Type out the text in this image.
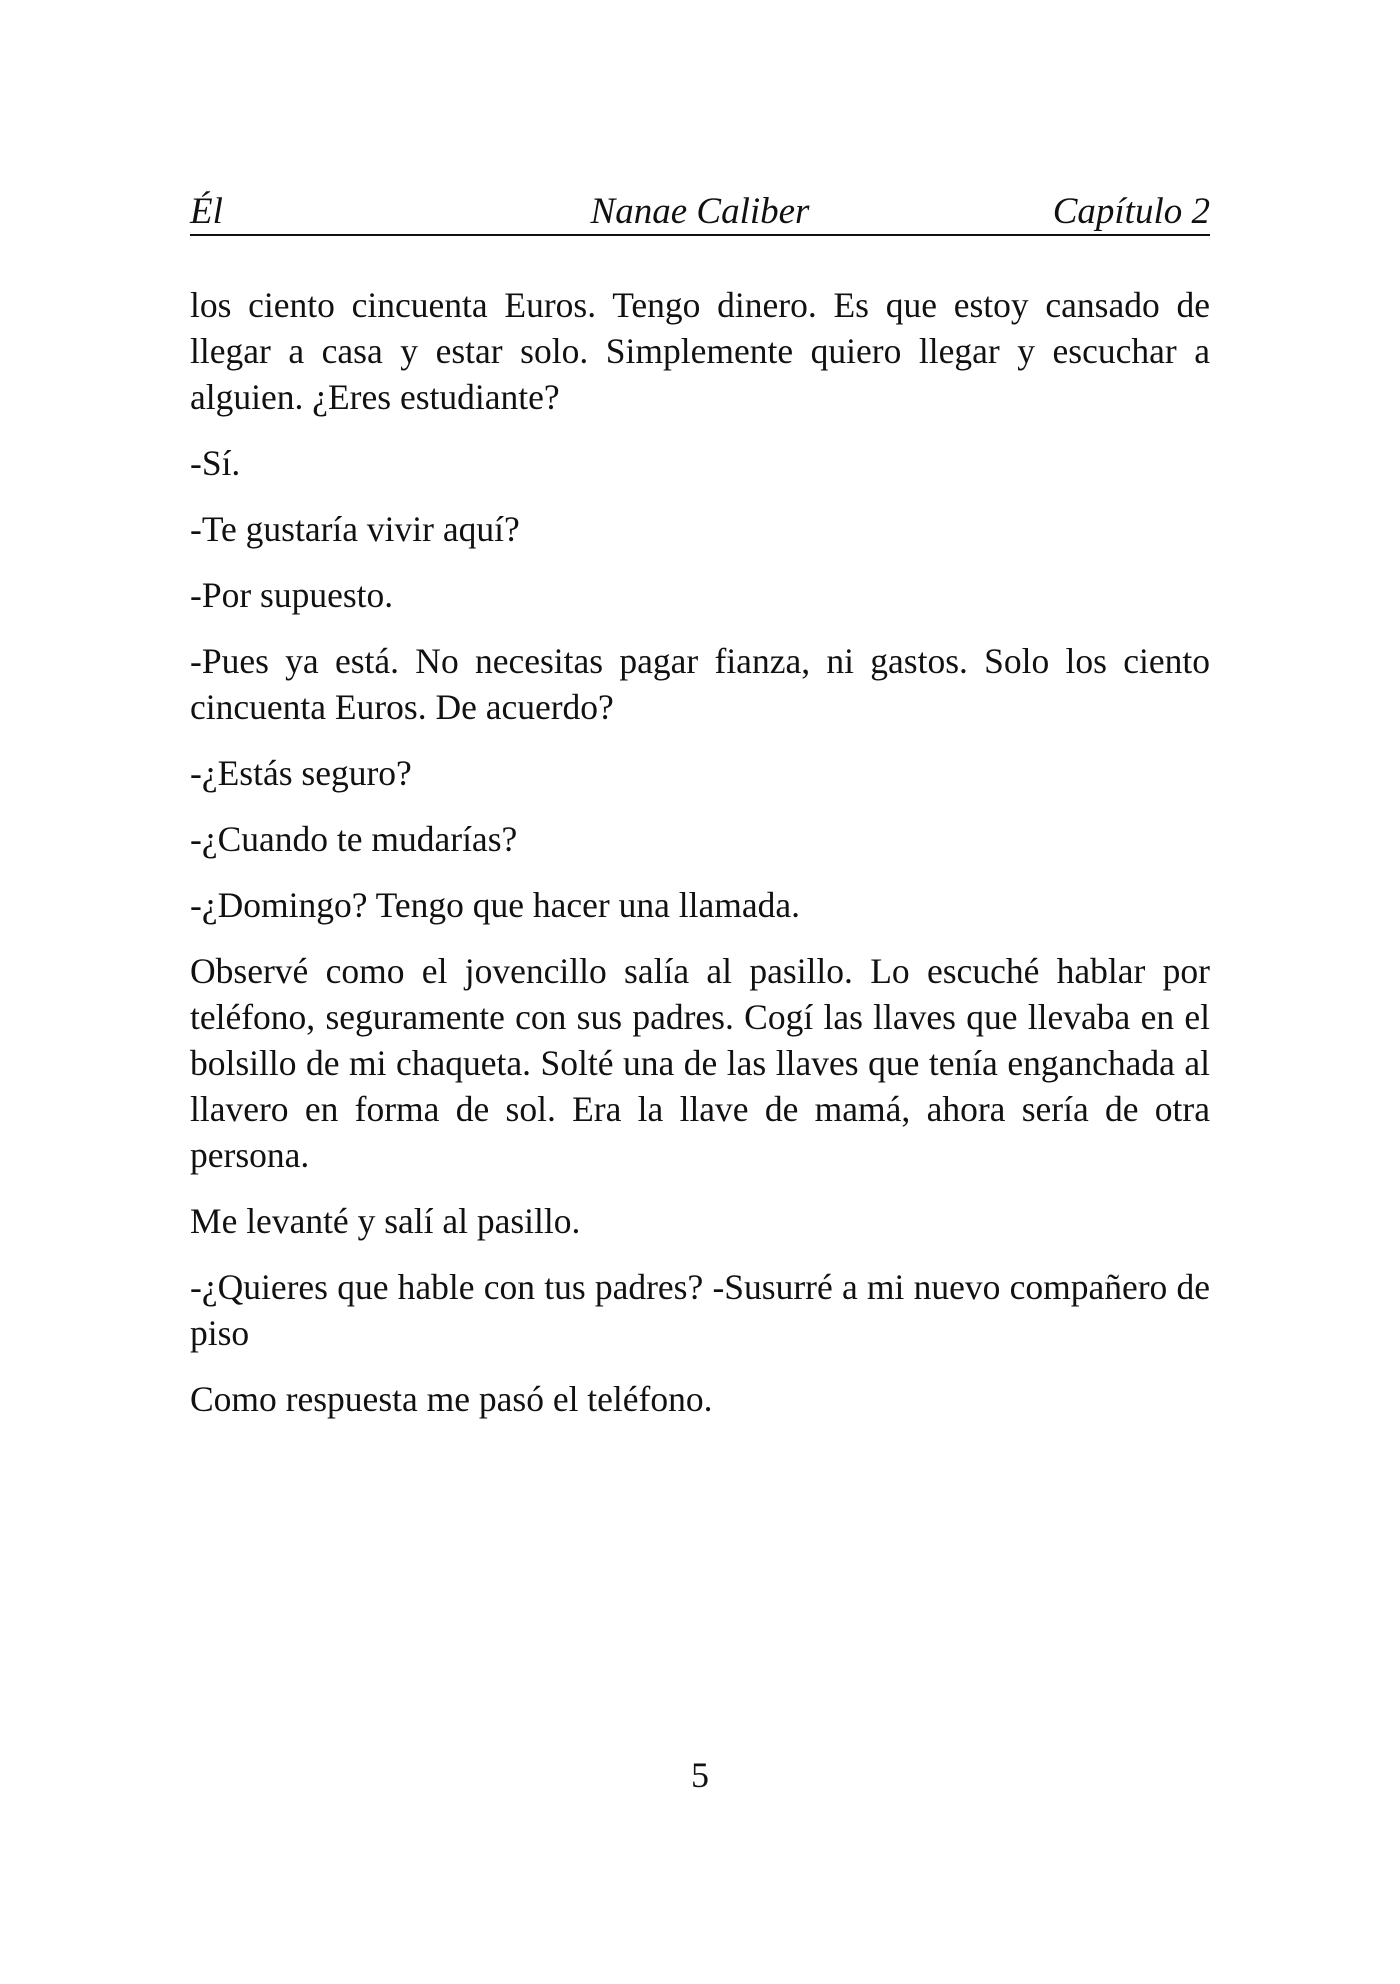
Él	Nanae Caliber	Capítulo 2

los ciento cincuenta Euros. Tengo dinero. Es que estoy cansado de llegar a casa y estar solo. Simplemente quiero llegar y escuchar a alguien. ¿Eres estudiante?

-Sí.

-Te gustaría vivir aquí?

-Por supuesto.

-Pues ya está. No necesitas pagar fianza, ni gastos. Solo los ciento cincuenta Euros. De acuerdo?

-¿Estás seguro?

-¿Cuando te mudarías?

-¿Domingo? Tengo que hacer una llamada.

Observé como el jovencillo salía al pasillo. Lo escuché hablar por teléfono, seguramente con sus padres. Cogí las llaves que llevaba en el bolsillo de mi chaqueta. Solté una de las llaves que tenía enganchada al llavero en forma de sol. Era la llave de mamá, ahora sería de otra persona.

Me levanté y salí al pasillo.

-¿Quieres que hable con tus padres? -Susurré a mi nuevo compañero de piso

Como respuesta me pasó el teléfono.

5
